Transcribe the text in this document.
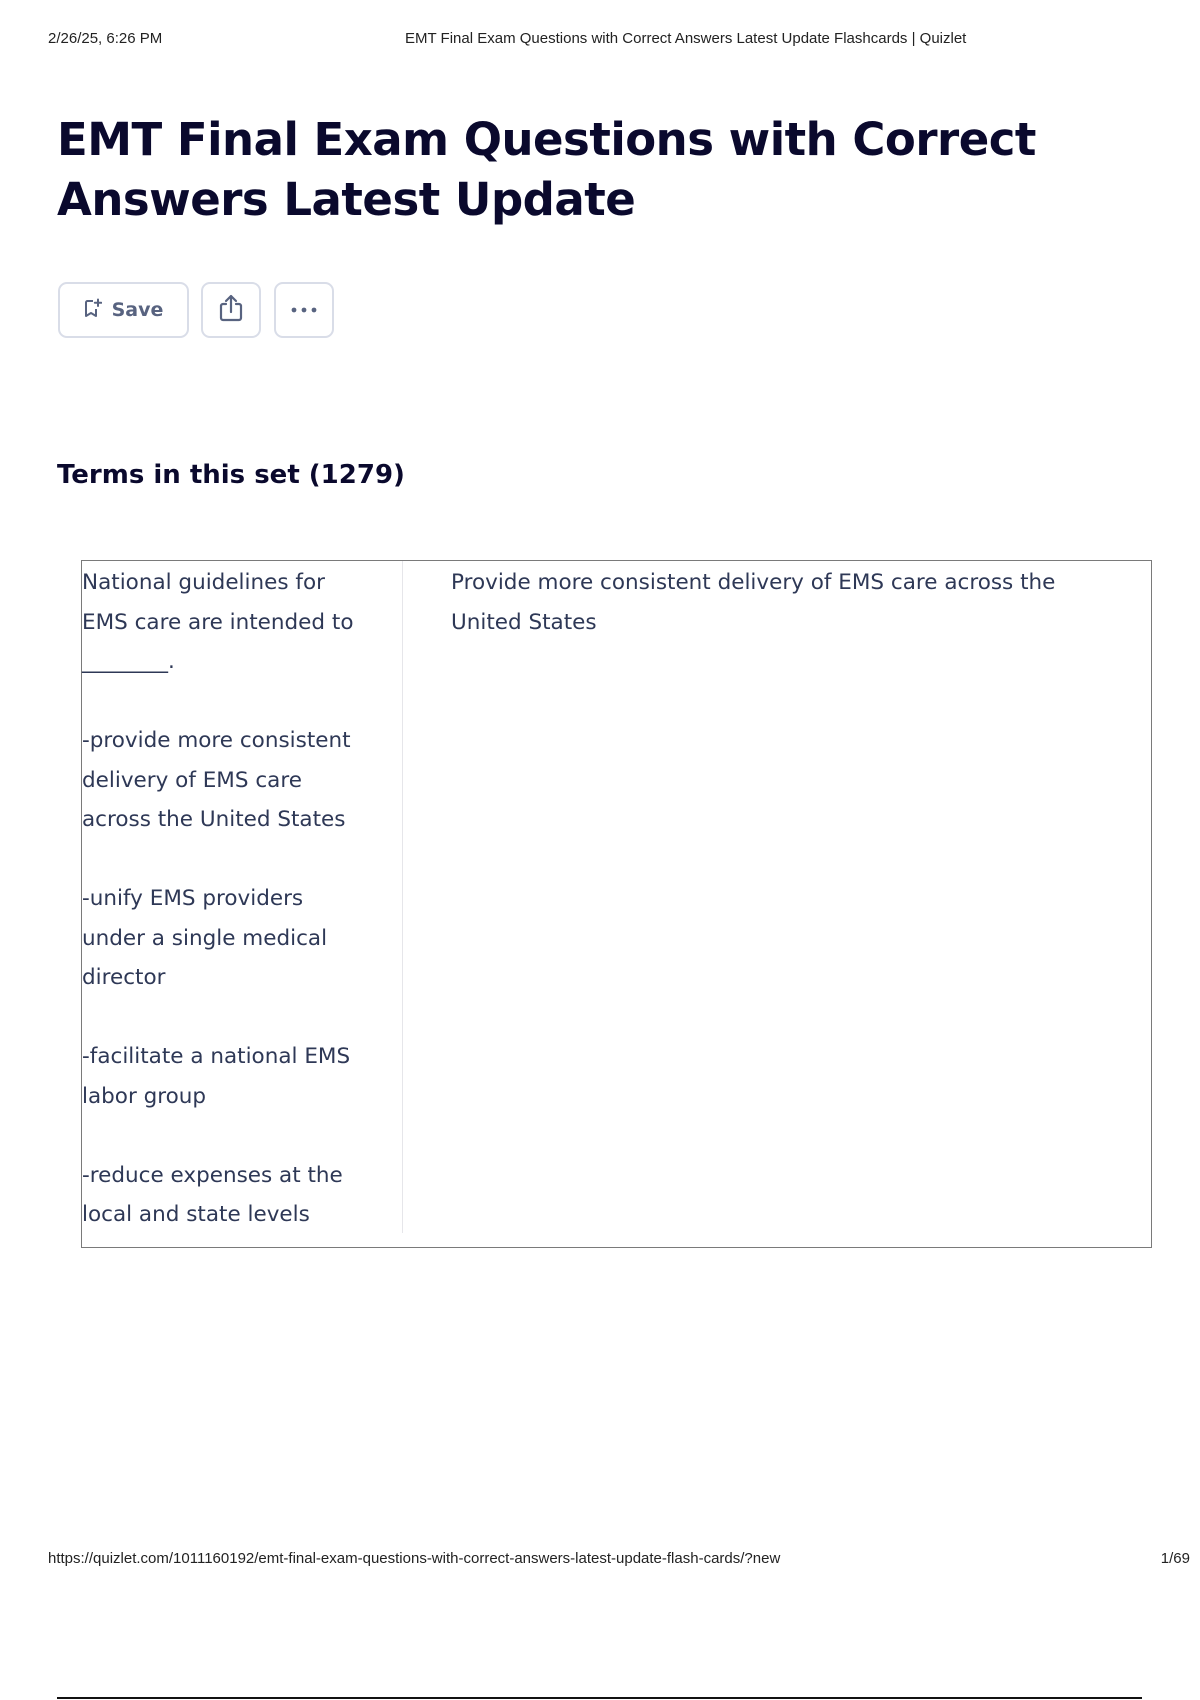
2/26/25, 6:26 PM	EMT Final Exam Questions with Correct Answers Latest Update Flashcards | Quizlet
EMT Final Exam Questions with Correct Answers Latest Update
Save
Terms in this set (1279)
National guidelines for
EMS care are intended to
________.

-provide more consistent
delivery of EMS care
across the United States

-unify EMS providers
under a single medical
director

-facilitate a national EMS
labor group

-reduce expenses at the
local and state levels
Provide more consistent delivery of EMS care across the United States
https://quizlet.com/1011160192/emt-final-exam-questions-with-correct-answers-latest-update-flash-cards/?new	1/69
